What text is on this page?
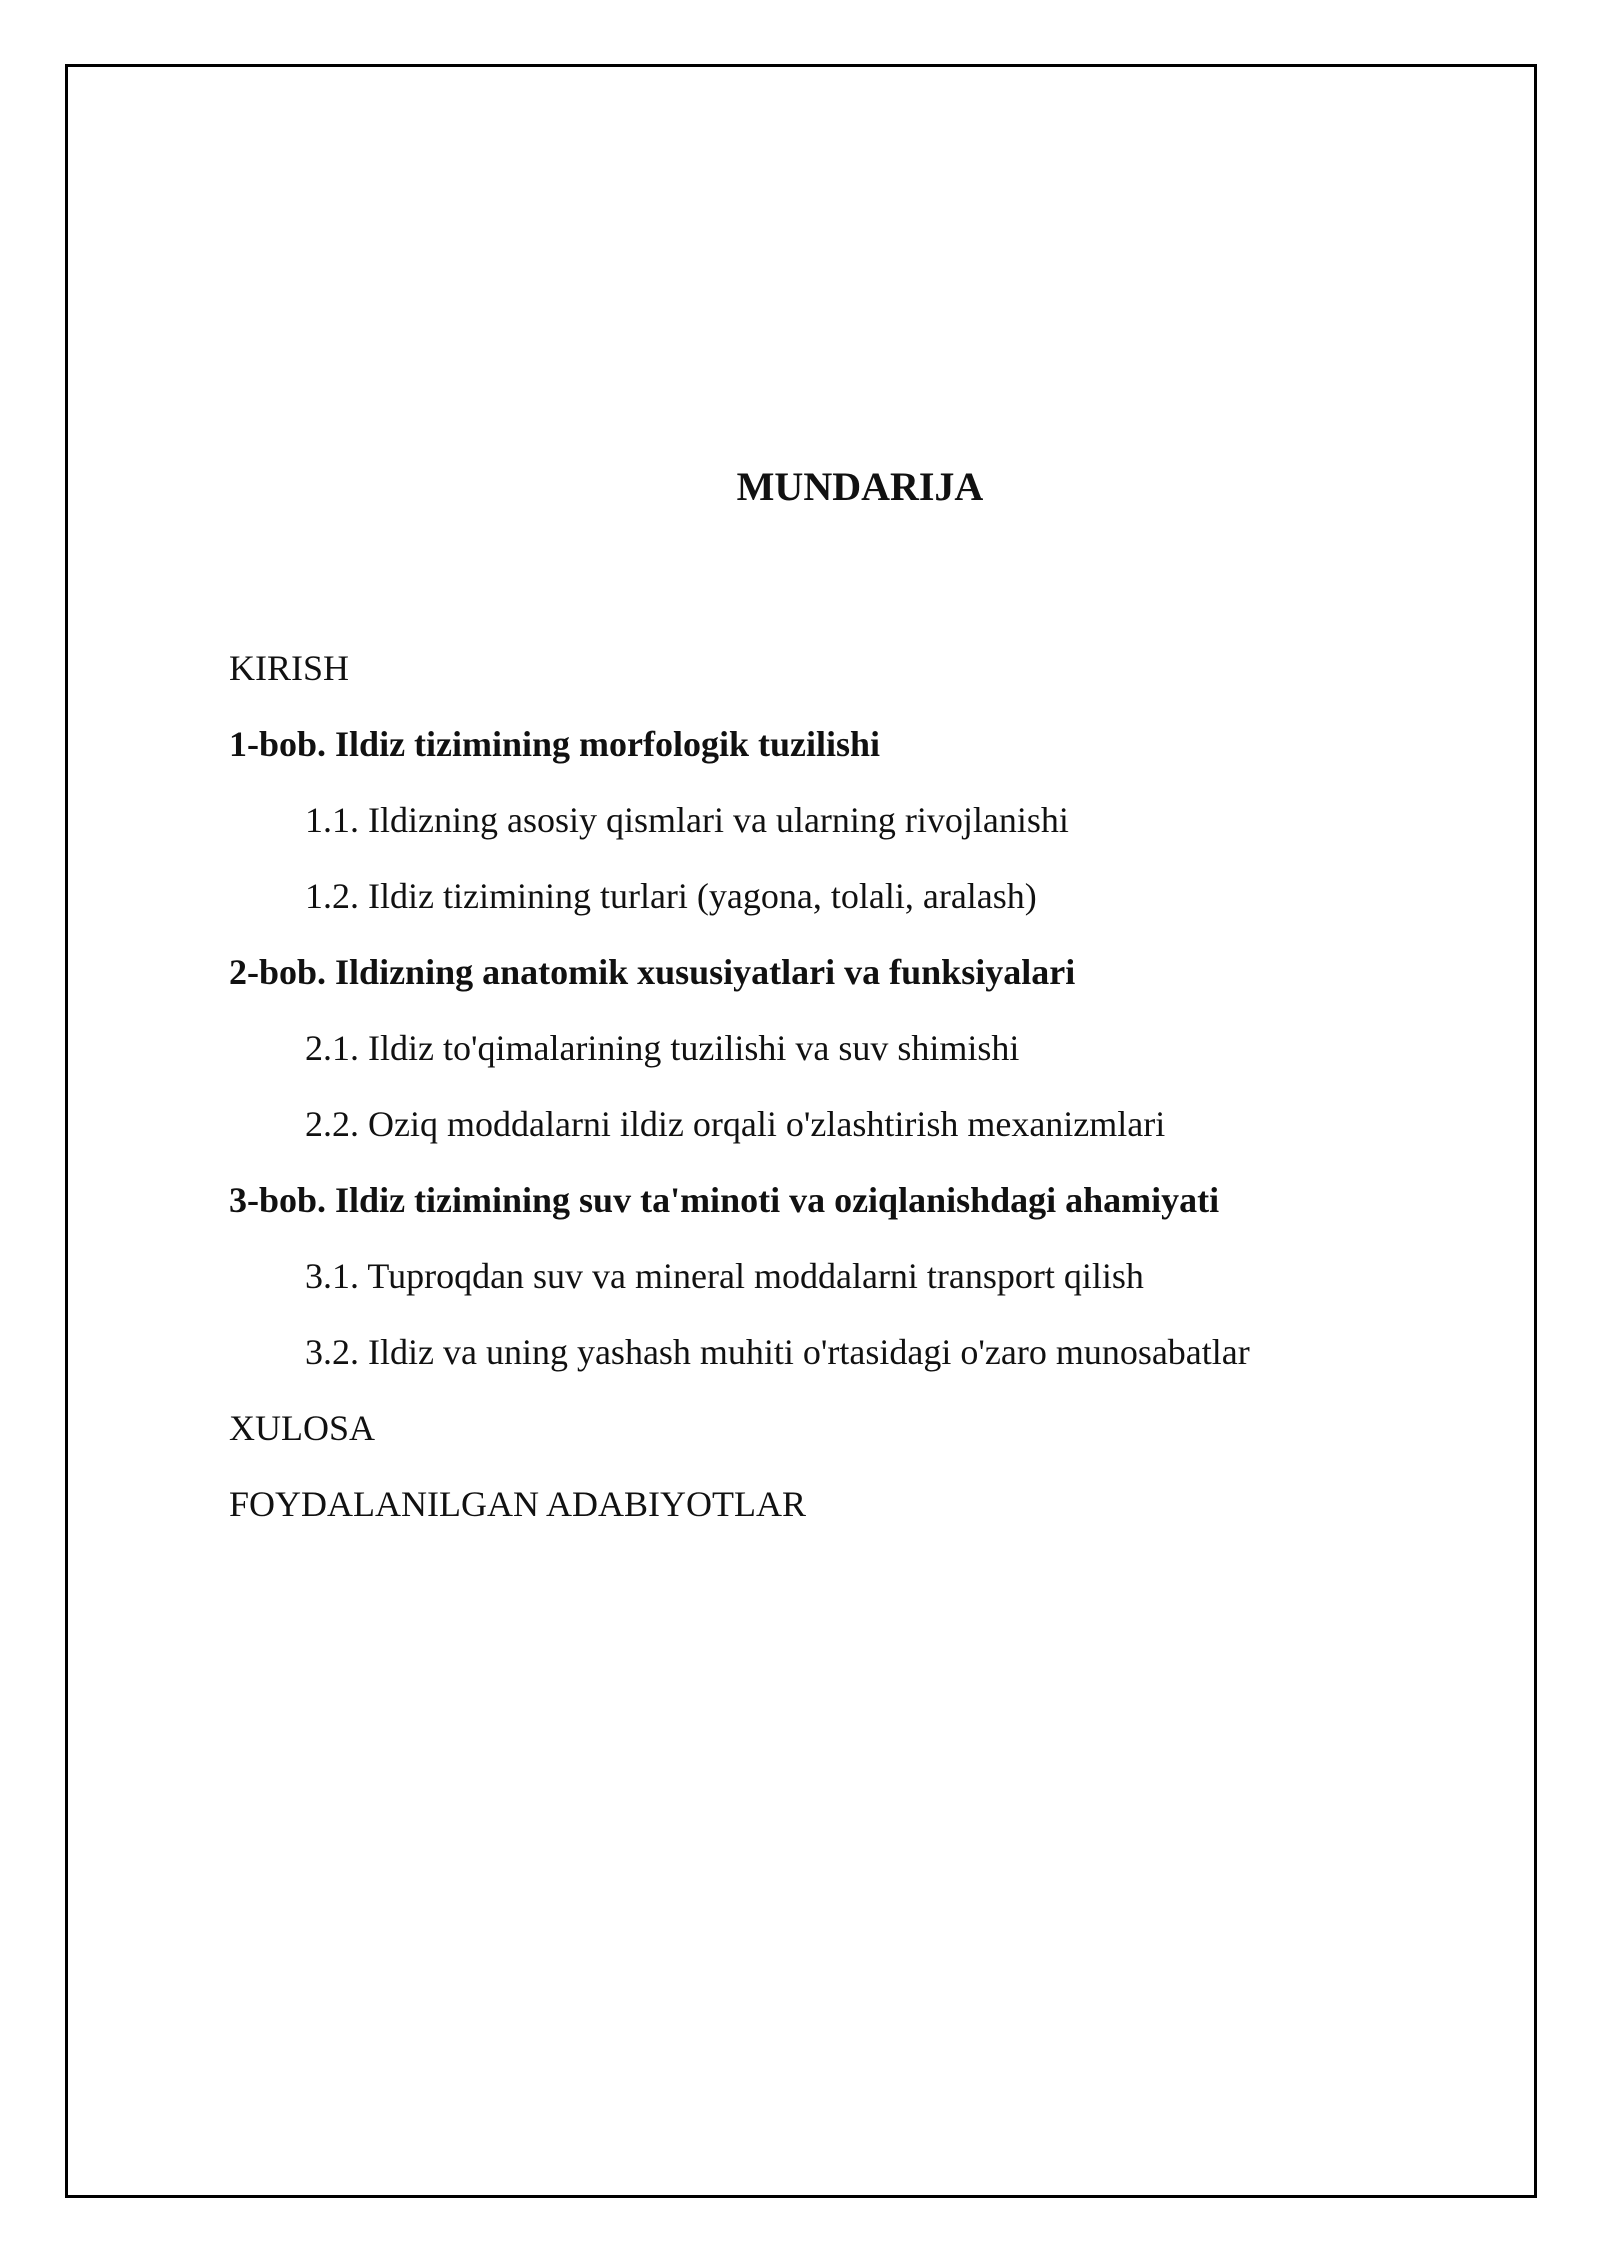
MUNDARIJA
KIRISH
1-bob. Ildiz tizimining morfologik tuzilishi
1.1. Ildizning asosiy qismlari va ularning rivojlanishi
1.2. Ildiz tizimining turlari (yagona, tolali, aralash)
2-bob. Ildizning anatomik xususiyatlari va funksiyalari
2.1. Ildiz to'qimalarining tuzilishi va suv shimishi
2.2. Oziq moddalarni ildiz orqali o'zlashtirish mexanizmlari
3-bob. Ildiz tizimining suv ta'minoti va oziqlanishdagi ahamiyati
3.1. Tuproqdan suv va mineral moddalarni transport qilish
3.2. Ildiz va uning yashash muhiti o'rtasidagi o'zaro munosabatlar
XULOSA
FOYDALANILGAN ADABIYOTLAR
